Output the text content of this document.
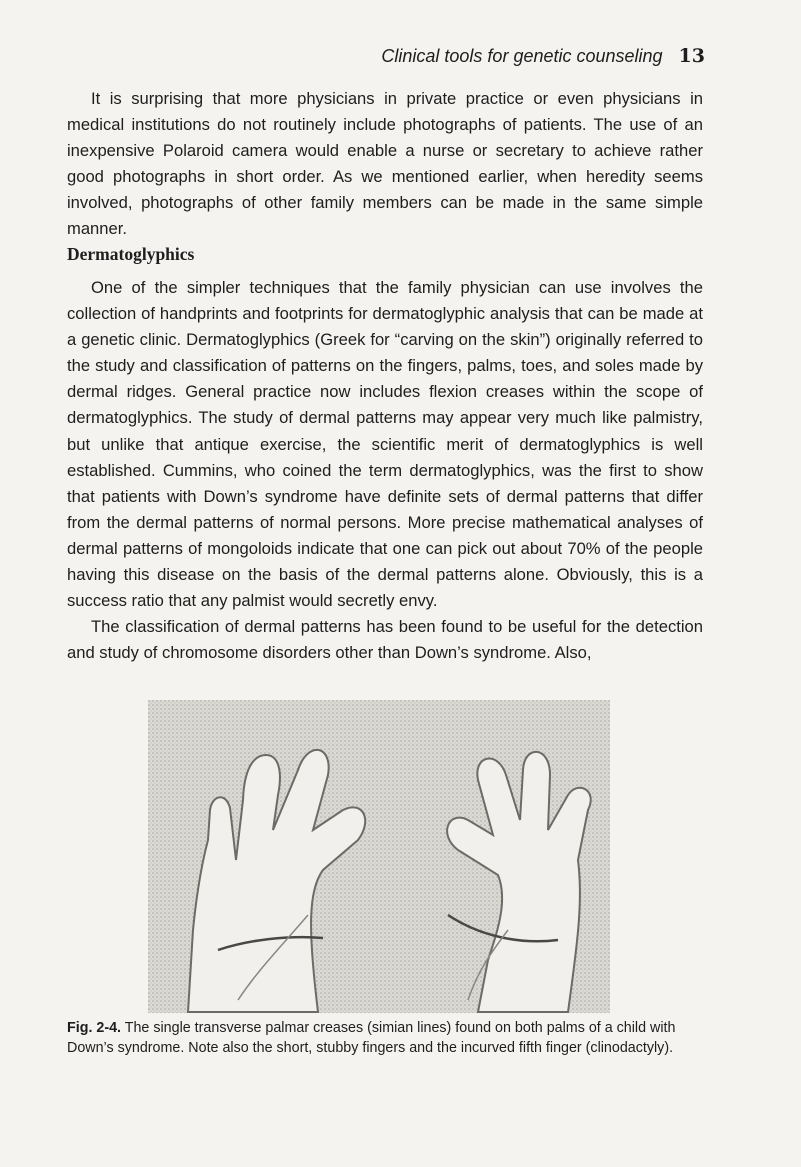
Clinical tools for genetic counseling 13

It is surprising that more physicians in private practice or even physicians in medical institutions do not routinely include photographs of patients. The use of an inexpensive Polaroid camera would enable a nurse or secretary to achieve rather good photographs in short order. As we mentioned earlier, when heredity seems involved, photographs of other family members can be made in the same simple manner.

Dermatoglyphics

One of the simpler techniques that the family physician can use involves the collection of handprints and footprints for dermatoglyphic analysis that can be made at a genetic clinic. Dermatoglyphics (Greek for “carving on the skin”) originally referred to the study and classification of patterns on the fingers, palms, toes, and soles made by dermal ridges. General practice now includes flexion creases within the scope of dermatoglyphics. The study of dermal patterns may appear very much like palmistry, but unlike that antique exercise, the scientific merit of dermatoglyphics is well established. Cummins, who coined the term dermatoglyphics, was the first to show that patients with Down’s syndrome have definite sets of dermal patterns that differ from the dermal patterns of normal persons. More precise mathematical analyses of dermal patterns of mongoloids indicate that one can pick out about 70% of the people having this disease on the basis of the dermal patterns alone. Obviously, this is a success ratio that any palmist would secretly envy.

The classification of dermal patterns has been found to be useful for the detection and study of chromosome disorders other than Down’s syndrome. Also,

Fig. 2-4. The single transverse palmar creases (simian lines) found on both palms of a child with Down’s syndrome. Note also the short, stubby fingers and the incurved fifth finger (clinodactyly).
